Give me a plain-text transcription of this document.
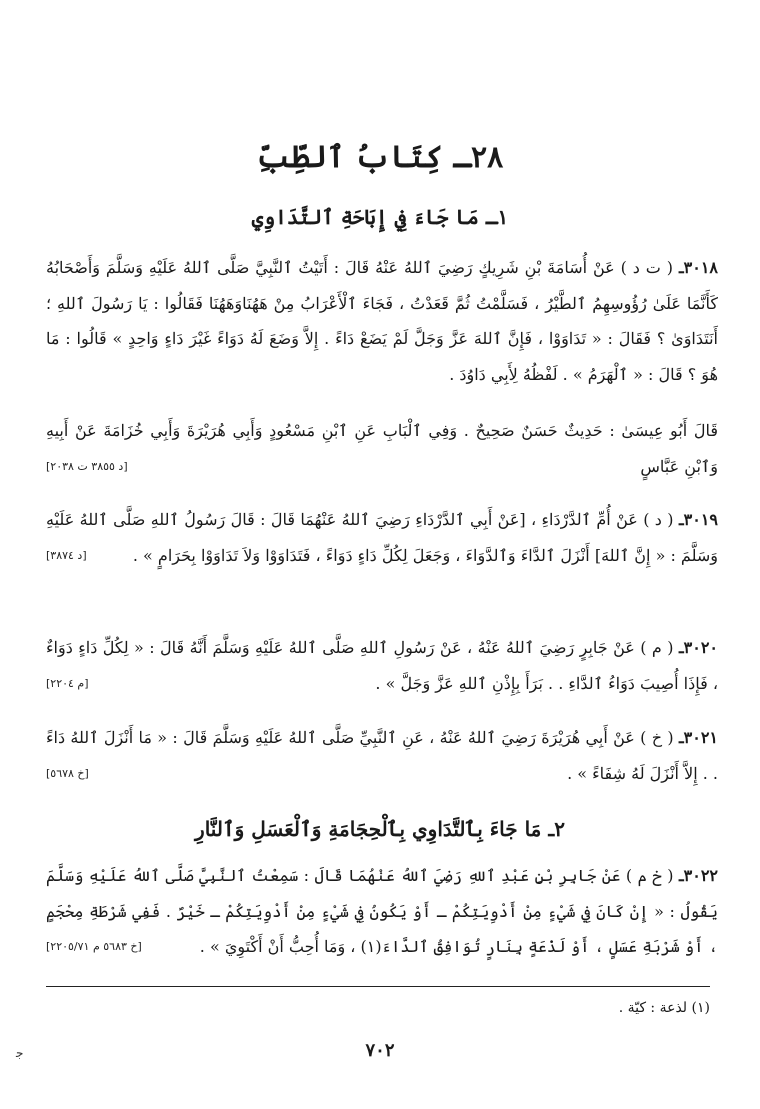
٢٨ـ كِتَابُ ٱلطِّبِّ
١ـ مَا جَاءَ فِي إِبَاحَةِ ٱلتَّدَاوِي

٣٠١٨ـ ( ت د ) عَنْ أُسَامَةَ بْنِ شَرِيكٍ رَضِيَ ٱللهُ عَنْهُ قَالَ : أَتَيْتُ ٱلنَّبِيَّ صَلَّى ٱللهُ عَلَيْهِ وَسَلَّمَ وَأَصْحَابُهُ كَأَنَّمَا عَلَىٰ رُؤُوسِهِمُ ٱلطَّيْرُ ، فَسَلَّمْتُ ثُمَّ قَعَدْتُ ، فَجَاءَ ٱلْأَعْرَابُ مِنْ هَهُنَاوَهَهُنَا فَقَالُوا : يَا رَسُولَ ٱللهِ ؛ أَنَتَدَاوَىٰ ؟ فَقَالَ : « تَدَاوَوْا ، فَإِنَّ ٱللهَ عَزَّ وَجَلَّ لَمْ يَضَعْ دَاءً . إِلاَّ وَضَعَ لَهُ دَوَاءً غَيْرَ دَاءٍ وَاحِدٍ » قَالُوا : مَا هُوَ ؟ قَالَ : « ٱلْهَرَمُ » . لَفْظُهُ لِأَبِي دَاوُدَ .

قَالَ أَبُو عِيسَىٰ : حَدِيثٌ حَسَنٌ صَحِيحٌ . وَفِي ٱلْبَابِ عَنِ ٱبْنِ مَسْعُودٍ وَأَبِي هُرَيْرَةَ وَأَبِي خُزَامَةَ عَنْ أَبِيهِ وَٱبْنِ عَبَّاسٍ
[د ٣٨٥٥ ت ٢٠٣٨]

٣٠١٩ـ ( د ) عَنْ أُمِّ ٱلدَّرْدَاءِ ، [عَنْ أَبِي ٱلدَّرْدَاءِ رَضِيَ ٱللهُ عَنْهُمَا قَالَ : قَالَ رَسُولُ ٱللهِ صَلَّى ٱللهُ عَلَيْهِ وَسَلَّمَ : « إِنَّ ٱللهَ] أَنْزَلَ ٱلدَّاءَ وَٱلدَّوَاءَ ، وَجَعَلَ لِكُلِّ دَاءٍ دَوَاءً ، فَتَدَاوَوْا وَلاَ تَدَاوَوْا بِحَرَامٍ » .
[د ٣٨٧٤]

٣٠٢٠ـ ( م ) عَنْ جَابِرٍ رَضِيَ ٱللهُ عَنْهُ ، عَنْ رَسُولِ ٱللهِ صَلَّى ٱللهُ عَلَيْهِ وَسَلَّمَ أَنَّهُ قَالَ : « لِكُلِّ دَاءٍ دَوَاءٌ ، فَإِذَا أُصِيبَ دَوَاءُ ٱلدَّاءِ . . بَرَأَ بِإِذْنِ ٱللهِ عَزَّ وَجَلَّ » .
[م ٢٢٠٤]

٣٠٢١ـ ( خ ) عَنْ أَبِي هُرَيْرَةَ رَضِيَ ٱللهُ عَنْهُ ، عَنِ ٱلنَّبِيِّ صَلَّى ٱللهُ عَلَيْهِ وَسَلَّمَ قَالَ : « مَا أَنْزَلَ ٱللهُ دَاءً . . إِلاَّ أَنْزَلَ لَهُ شِفَاءً » .
[خ ٥٦٧٨]

٢ـ مَا جَاءَ بِٱلتَّدَاوِي بِٱلْحِجَامَةِ وَٱلْعَسَلِ وَٱلنَّارِ

٣٠٢٢ـ ( خ م ) عَنْ جَابِرِ بْنِ عَبْدِ ٱللهِ رَضِيَ ٱللهُ عَنْهُمَا قَالَ : سَمِعْتُ ٱلنَّبِيَّ صَلَّى ٱللهُ عَلَيْهِ وَسَلَّمَ يَقُولُ : « إِنْ كَانَ فِي شَيْءٍ مِنْ أَدْوِيَتِكُمْ ـ أَوْ يَكُونُ فِي شَيْءٍ مِنْ أَدْوِيَتِكُمْ ـ خَيْرٌ . فَفِي شَرْطَةِ مِحْجَمٍ ، أَوْ شَرْبَةِ عَسَلٍ ، أَوْ لَذْعَةٍ بِنَارٍ تُوَافِقُ ٱلدَّاءَ(١) ، وَمَا أُحِبُّ أَنْ أَكْتَوِيَ » .
[خ ٥٦٨٣ م ٢٢٠٥/٧١]

(١) لذعة : كيّة .
٧٠٢
ﺟ
